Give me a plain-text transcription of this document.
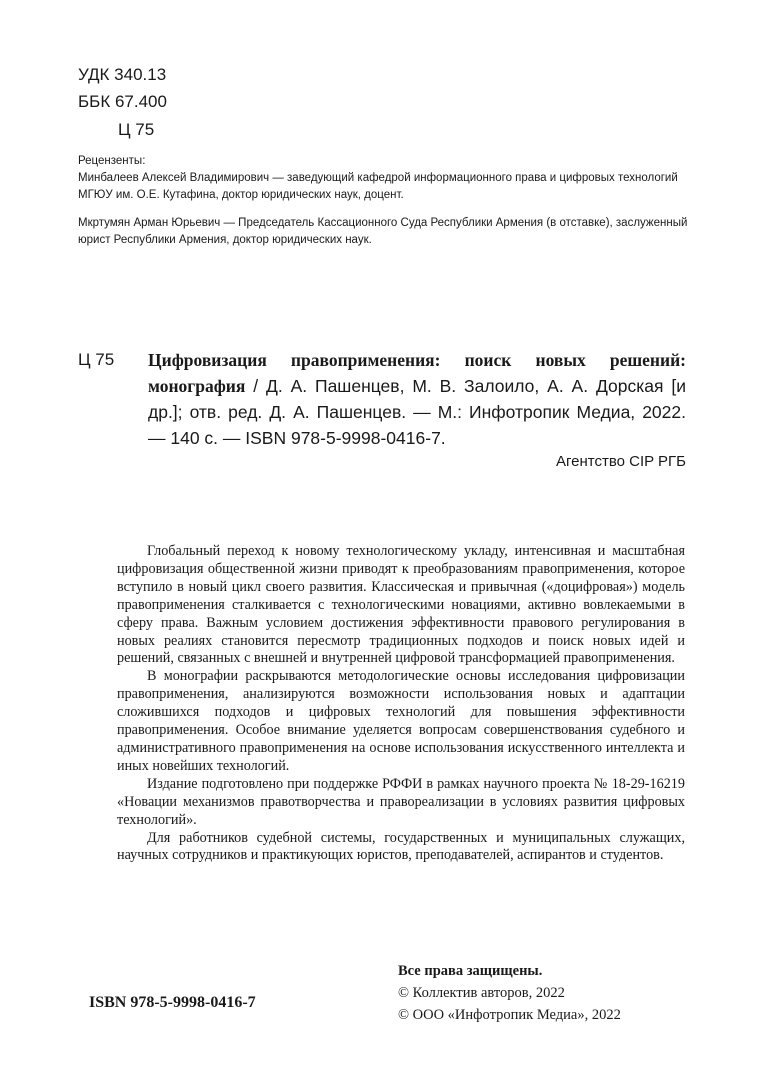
УДК 340.13
ББК 67.400
Ц 75
Рецензенты:
Минбалеев Алексей Владимирович — заведующий кафедрой информационного права и цифровых технологий МГЮУ им. О.Е. Кутафина, доктор юридических наук, доцент.
Мкртумян Арман Юрьевич — Председатель Кассационного Суда Республики Армения (в отставке), заслуженный юрист Республики Армения, доктор юридических наук.
Ц 75 Цифровизация правоприменения: поиск новых решений: монография / Д. А. Пашенцев, М. В. Залоило, А. А. Дорская [и др.]; отв. ред. Д. А. Пашенцев. — М.: Инфотропик Медиа, 2022. — 140 с. — ISBN 978-5-9998-0416-7.
Агентство CIP РГБ

Глобальный переход к новому технологическому укладу, интенсивная и масштабная цифровизация общественной жизни приводят к преобразованиям правоприменения, которое вступило в новый цикл своего развития. Классическая и привычная («доцифровая») модель правоприменения сталкивается с технологическими новациями, активно вовлекаемыми в сферу права. Важным условием достижения эффективности правового регулирования в новых реалиях становится пересмотр традиционных подходов и поиск новых идей и решений, связанных с внешней и внутренней цифровой трансформацией правоприменения.

В монографии раскрываются методологические основы исследования цифровизации правоприменения, анализируются возможности использования новых и адаптации сложившихся подходов и цифровых технологий для повышения эффективности правоприменения. Особое внимание уделяется вопросам совершенствования судебного и административного правоприменения на основе использования искусственного интеллекта и иных новейших технологий.

Издание подготовлено при поддержке РФФИ в рамках научного проекта № 18-29-16219 «Новации механизмов правотворчества и правореализации в условиях развития цифровых технологий».

Для работников судебной системы, государственных и муниципальных служащих, научных сотрудников и практикующих юристов, преподавателей, аспирантов и студентов.

Все права защищены.
© Коллектив авторов, 2022
© ООО «Инфотропик Медиа», 2022
ISBN 978-5-9998-0416-7
